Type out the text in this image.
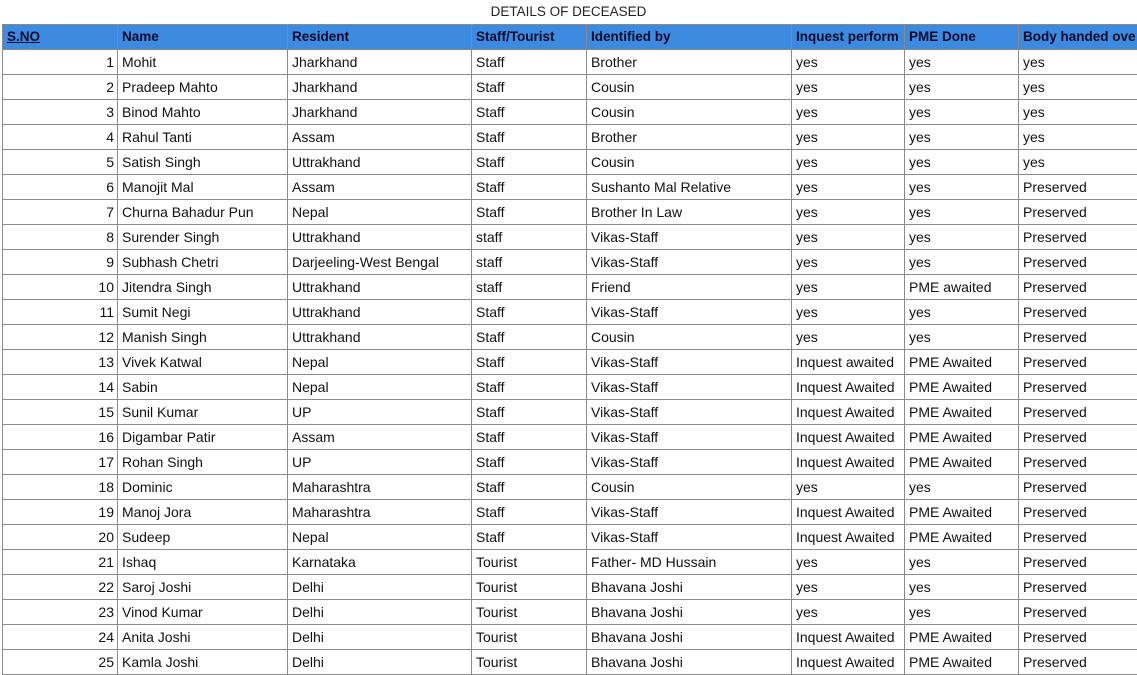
DETAILS OF DECEASED
S.NO	Name	Resident	Staff/Tourist	Identified by	Inquest perform	PME Done	Body handed ove
1	Mohit	Jharkhand	Staff	Brother	yes	yes	yes
2	Pradeep Mahto	Jharkhand	Staff	Cousin	yes	yes	yes
3	Binod Mahto	Jharkhand	Staff	Cousin	yes	yes	yes
4	Rahul Tanti	Assam	Staff	Brother	yes	yes	yes
5	Satish Singh	Uttrakhand	Staff	Cousin	yes	yes	yes
6	Manojit Mal	Assam	Staff	Sushanto Mal Relative	yes	yes	Preserved
7	Churna Bahadur Pun	Nepal	Staff	Brother In Law	yes	yes	Preserved
8	Surender Singh	Uttrakhand	staff	Vikas-Staff	yes	yes	Preserved
9	Subhash Chetri	Darjeeling-West Bengal	staff	Vikas-Staff	yes	yes	Preserved
10	Jitendra Singh	Uttrakhand	staff	Friend	yes	PME awaited	Preserved
11	Sumit Negi	Uttrakhand	Staff	Vikas-Staff	yes	yes	Preserved
12	Manish Singh	Uttrakhand	Staff	Cousin	yes	yes	Preserved
13	Vivek Katwal	Nepal	Staff	Vikas-Staff	Inquest awaited	PME Awaited	Preserved
14	Sabin	Nepal	Staff	Vikas-Staff	Inquest Awaited	PME Awaited	Preserved
15	Sunil Kumar	UP	Staff	Vikas-Staff	Inquest Awaited	PME Awaited	Preserved
16	Digambar Patir	Assam	Staff	Vikas-Staff	Inquest Awaited	PME Awaited	Preserved
17	Rohan Singh	UP	Staff	Vikas-Staff	Inquest Awaited	PME Awaited	Preserved
18	Dominic	Maharashtra	Staff	Cousin	yes	yes	Preserved
19	Manoj Jora	Maharashtra	Staff	Vikas-Staff	Inquest Awaited	PME Awaited	Preserved
20	Sudeep	Nepal	Staff	Vikas-Staff	Inquest Awaited	PME Awaited	Preserved
21	Ishaq	Karnataka	Tourist	Father- MD Hussain	yes	yes	Preserved
22	Saroj Joshi	Delhi	Tourist	Bhavana Joshi	yes	yes	Preserved
23	Vinod Kumar	Delhi	Tourist	Bhavana Joshi	yes	yes	Preserved
24	Anita Joshi	Delhi	Tourist	Bhavana Joshi	Inquest Awaited	PME Awaited	Preserved
25	Kamla Joshi	Delhi	Tourist	Bhavana Joshi	Inquest Awaited	PME Awaited	Preserved
